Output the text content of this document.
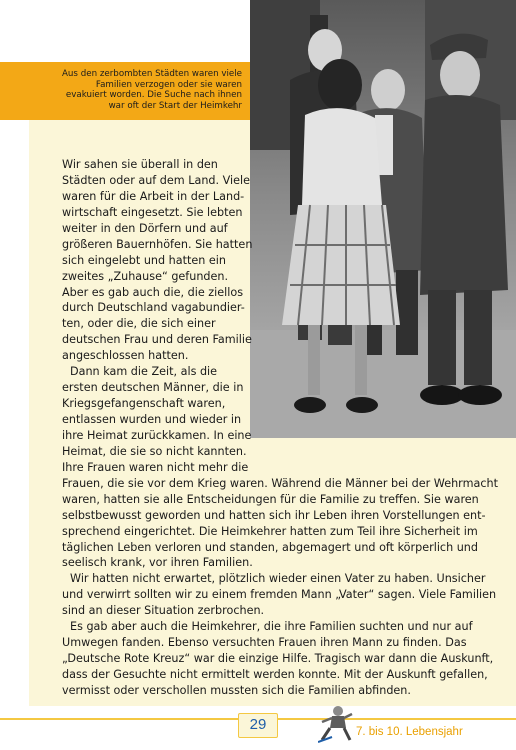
Aus den zerbombten Städten waren viele
Familien verzogen oder sie waren
evakuiert worden. Die Suche nach ihnen
war oft der Start der Heimkehr
Wir sahen sie überall in den
Städten oder auf dem Land. Viele
waren für die Arbeit in der Land-
wirtschaft eingesetzt. Sie lebten
weiter in den Dörfern und auf
größeren Bauernhöfen. Sie hatten
sich eingelebt und hatten ein
zweites „Zuhause“ gefunden.
Aber es gab auch die, die ziellos
durch Deutschland vagabundier-
ten, oder die, die sich einer
deutschen Frau und deren Familie
angeschlossen hatten.
Dann kam die Zeit, als die
ersten deutschen Männer, die in
Kriegsgefangenschaft waren,
entlassen wurden und wieder in
ihre Heimat zurückkamen. In eine
Heimat, die sie so nicht kannten.
Ihre Frauen waren nicht mehr die
Frauen, die sie vor dem Krieg waren. Während die Männer bei der Wehrmacht
waren, hatten sie alle Entscheidungen für die Familie zu treffen. Sie waren
selbstbewusst geworden und hatten sich ihr Leben ihren Vorstellungen ent-
sprechend eingerichtet. Die Heimkehrer hatten zum Teil ihre Sicherheit im
täglichen Leben verloren und standen, abgemagert und oft körperlich und
seelisch krank, vor ihren Familien.
Wir hatten nicht erwartet, plötzlich wieder einen Vater zu haben. Unsicher
und verwirrt sollten wir zu einem fremden Mann „Vater“ sagen. Viele Familien
sind an dieser Situation zerbrochen.
Es gab aber auch die Heimkehrer, die ihre Familien suchten und nur auf
Umwegen fanden. Ebenso versuchten Frauen ihren Mann zu finden. Das
„Deutsche Rote Kreuz“ war die einzige Hilfe. Tragisch war dann die Auskunft,
dass der Gesuchte nicht ermittelt werden konnte. Mit der Auskunft gefallen,
vermisst oder verschollen mussten sich die Familien abfinden.
29	7. bis 10. Lebensjahr
